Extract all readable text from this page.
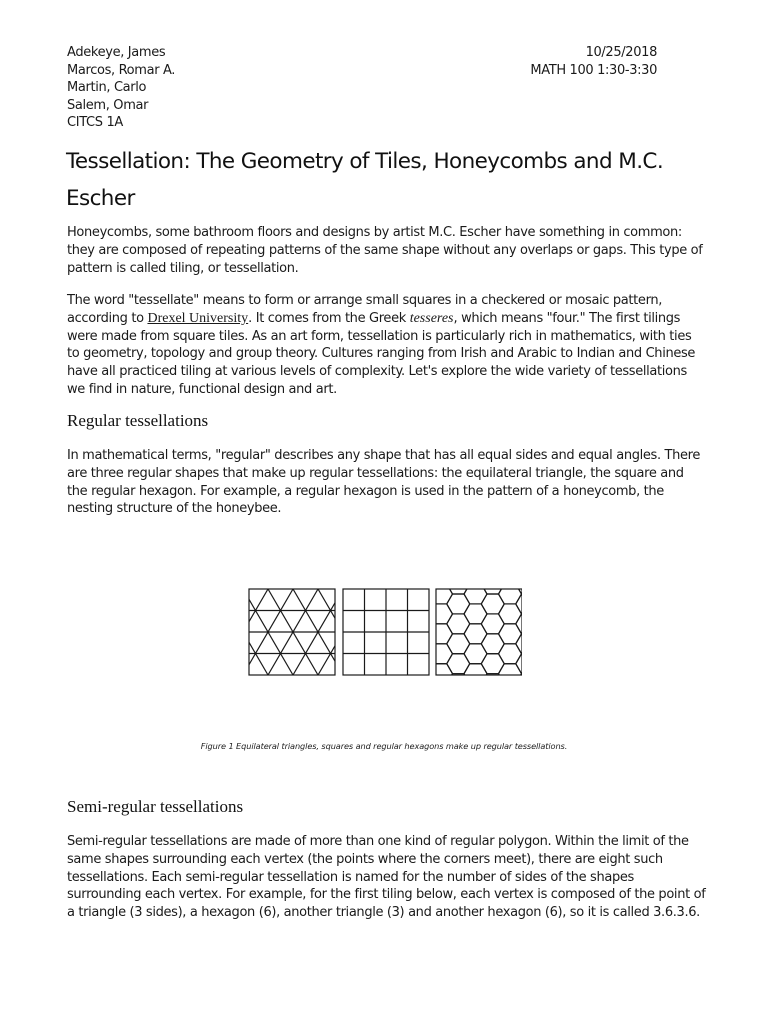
Adekeye, James
Marcos, Romar A.
Martin, Carlo
Salem, Omar
CITCS 1A
10/25/2018
MATH 100 1:30-3:30
Tessellation: The Geometry of Tiles, Honeycombs and M.C. Escher
Honeycombs, some bathroom floors and designs by artist M.C. Escher have something in common: they are composed of repeating patterns of the same shape without any overlaps or gaps. This type of pattern is called tiling, or tessellation.
The word "tessellate" means to form or arrange small squares in a checkered or mosaic pattern, according to Drexel University. It comes from the Greek tesseres, which means "four." The first tilings were made from square tiles. As an art form, tessellation is particularly rich in mathematics, with ties to geometry, topology and group theory. Cultures ranging from Irish and Arabic to Indian and Chinese have all practiced tiling at various levels of complexity. Let's explore the wide variety of tessellations we find in nature, functional design and art.
Regular tessellations
In mathematical terms, "regular" describes any shape that has all equal sides and equal angles. There are three regular shapes that make up regular tessellations: the equilateral triangle, the square and the regular hexagon. For example, a regular hexagon is used in the pattern of a honeycomb, the nesting structure of the honeybee.
Figure 1 Equilateral triangles, squares and regular hexagons make up regular tessellations.
Semi-regular tessellations
Semi-regular tessellations are made of more than one kind of regular polygon. Within the limit of the same shapes surrounding each vertex (the points where the corners meet), there are eight such tessellations. Each semi-regular tessellation is named for the number of sides of the shapes surrounding each vertex. For example, for the first tiling below, each vertex is composed of the point of a triangle (3 sides), a hexagon (6), another triangle (3) and another hexagon (6), so it is called 3.6.3.6.
